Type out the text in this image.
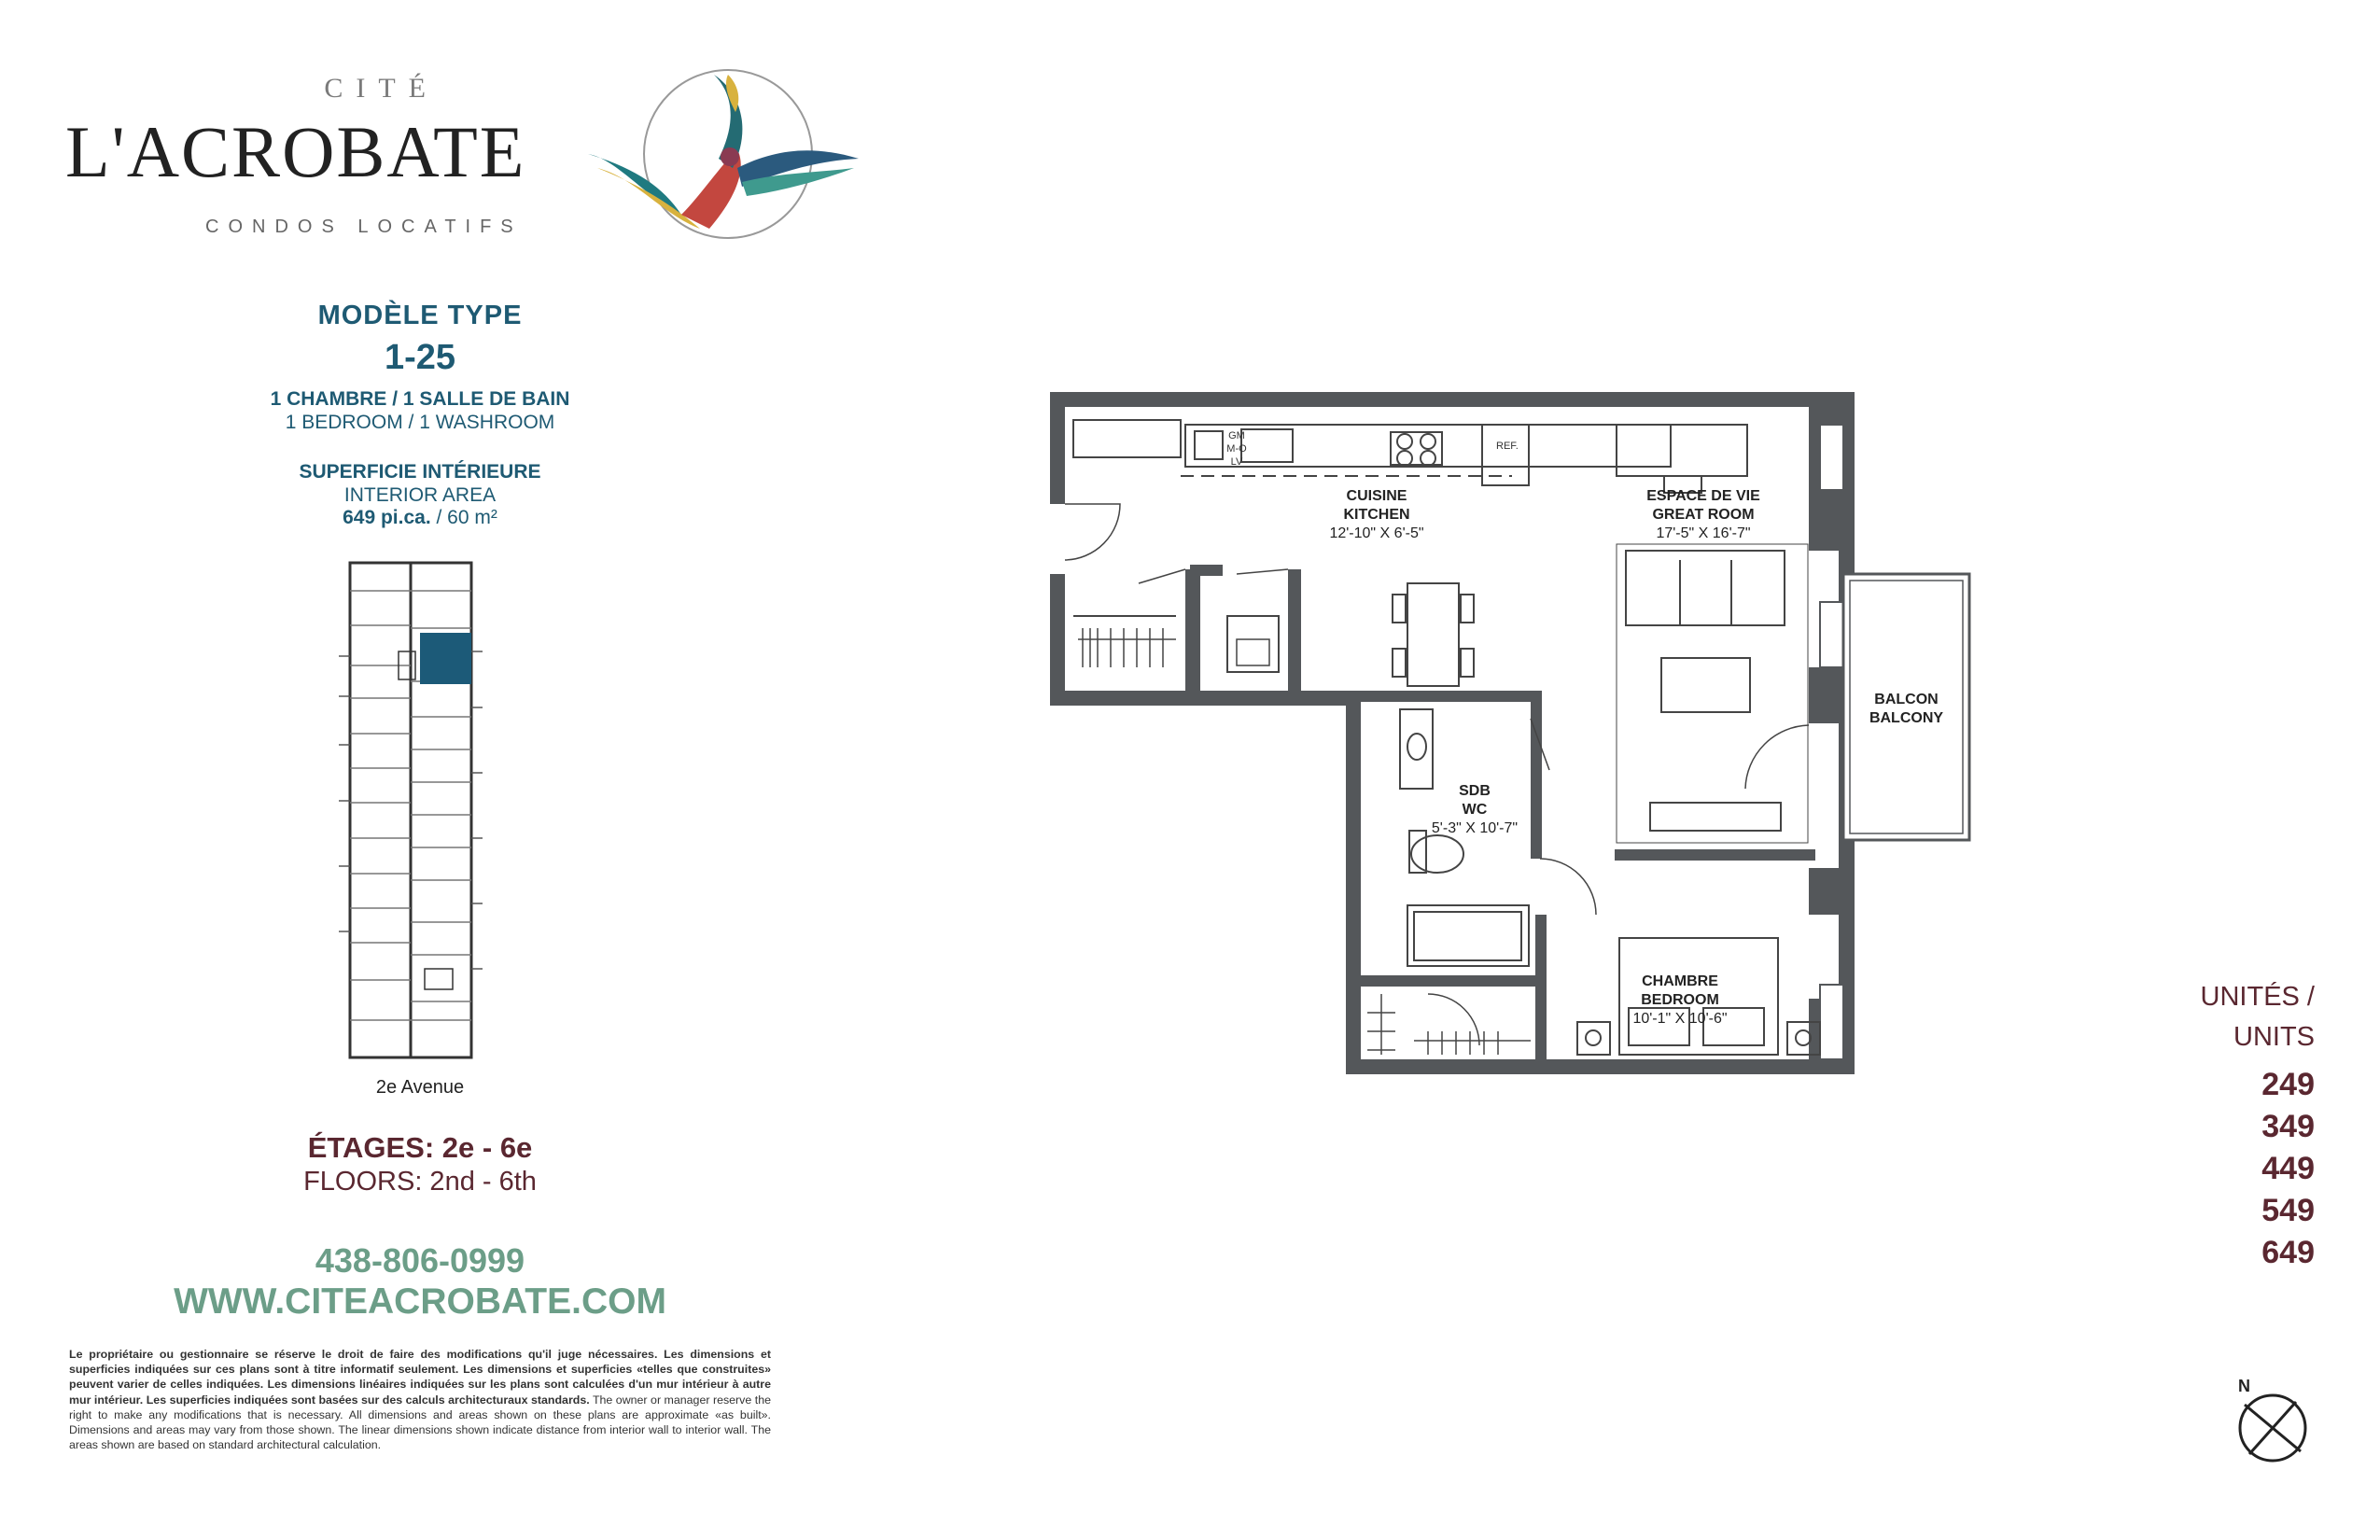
CITÉ
L'ACROBATE
CONDOS LOCATIFS
MODÈLE TYPE
1-25
1 CHAMBRE / 1 SALLE DE BAIN
1 BEDROOM / 1 WASHROOM
SUPERFICIE INTÉRIEURE
INTERIOR AREA
649 pi.ca. / 60 m²
2e Avenue
ÉTAGES: 2e - 6e
FLOORS: 2nd - 6th
438-806-0999
WWW.CITEACROBATE.COM
Le propriétaire ou gestionnaire se réserve le droit de faire des modifications qu'il juge nécessaires. Les dimensions et superficies indiquées sur ces plans sont à titre informatif seulement. Les dimensions et superficies «telles que construites» peuvent varier de celles indiquées. Les dimensions linéaires indiquées sur les plans sont calculées d'un mur intérieur à autre mur intérieur. Les superficies indiquées sont basées sur des calculs architecturaux standards. The owner or manager reserve the right to make any modifications that is necessary. All dimensions and areas shown on these plans are approximate «as built». Dimensions and areas may vary from those shown. The linear dimensions shown indicate distance from interior wall to interior wall. The areas shown are based on standard architectural calculation.
GM
M-O
LV
REF.
CUISINE
KITCHEN
12'-10" X 6'-5"
ESPACE DE VIE
GREAT ROOM
17'-5" X 16'-7"
BALCON
BALCONY
SDB
WC
5'-3" X 10'-7"
CHAMBRE
BEDROOM
10'-1" X 10'-6"
UNITÉS /
UNITS
249
349
449
549
649
N
